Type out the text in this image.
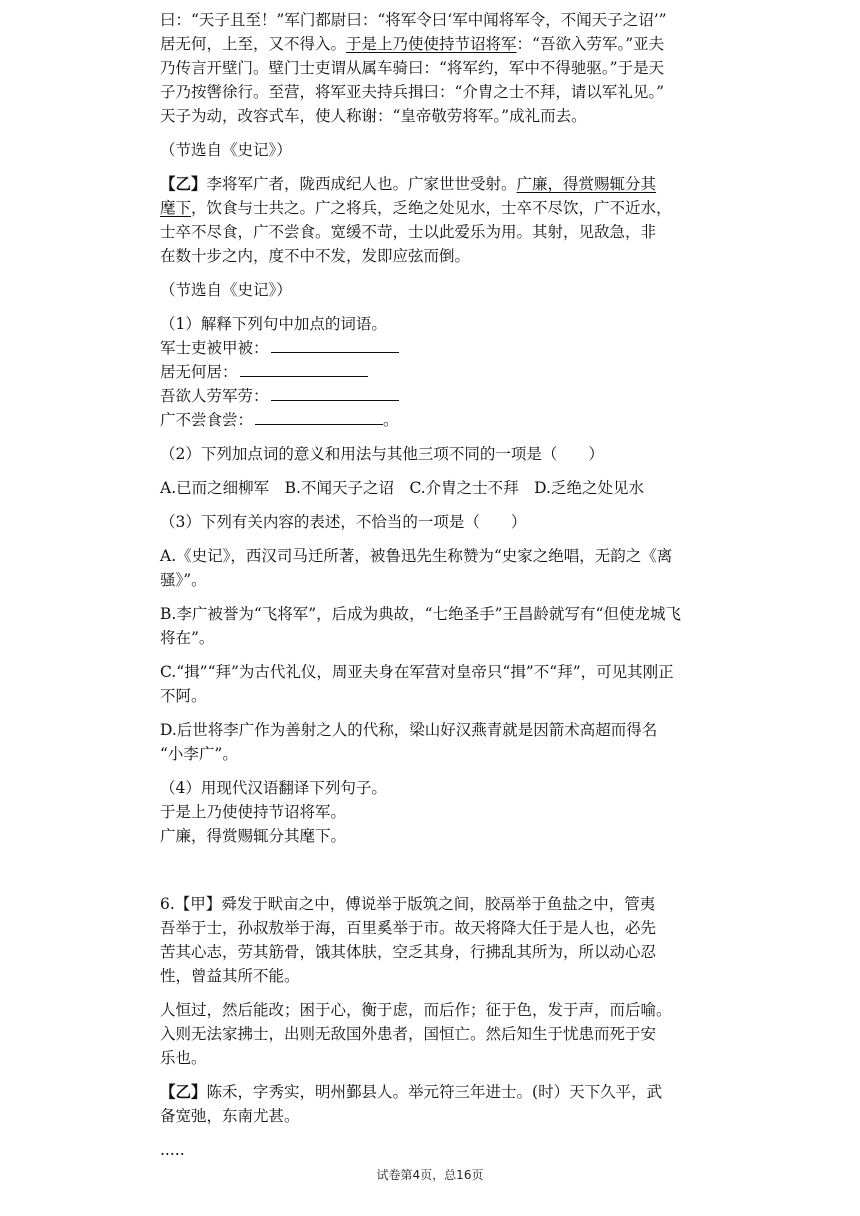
曰：“天子且至！”军门都尉曰：“将军令曰‘军中闻将军令，不闻天子之诏’”
居无何，上至，又不得入。于是上乃使使持节诏将军：“吾欲入劳军。”亚夫
乃传言开壁门。壁门士吏谓从属车骑曰：“将军约，军中不得驰驱。”于是天
子乃按辔徐行。至营，将军亚夫持兵揖曰：“介胄之士不拜，请以军礼见。”
天子为动，改容式车，使人称谢：“皇帝敬劳将军。”成礼而去。
（节选自《史记》）
【乙】李将军广者，陇西成纪人也。广家世世受射。广廉，得赏赐辄分其
麾下，饮食与士共之。广之将兵，乏绝之处见水，士卒不尽饮，广不近水，
士卒不尽食，广不尝食。宽缓不苛，士以此爱乐为用。其射，见敌急，非
在数十步之内，度不中不发，发即应弦而倒。
（节选自《史记》）
（1）解释下列句中加点的词语。
军士吏被甲被：
居无何居：
吾欲人劳军劳：
广不尝食尝：	。
（2）下列加点词的意义和用法与其他三项不同的一项是（　　）
A.已而之细柳军　B.不闻天子之诏　C.介胄之士不拜　D.乏绝之处见水
（3）下列有关内容的表述，不恰当的一项是（　　）
A.《史记》，西汉司马迁所著，被鲁迅先生称赞为“史家之绝唱，无韵之《离
骚》”。
B.李广被誉为“飞将军”，后成为典故，“七绝圣手”王昌龄就写有“但使龙城飞
将在”。
C.“揖”“拜”为古代礼仪，周亚夫身在军营对皇帝只“揖”不“拜”，可见其刚正
不阿。
D.后世将李广作为善射之人的代称，梁山好汉燕青就是因箭术高超而得名
“小李广”。
（4）用现代汉语翻译下列句子。
于是上乃使使持节诏将军。
广廉，得赏赐辄分其麾下。
6.【甲】舜发于畎亩之中，傅说举于版筑之间，胶鬲举于鱼盐之中，管夷
吾举于士，孙叔敖举于海，百里奚举于市。故天将降大任于是人也，必先
苦其心志，劳其筋骨，饿其体肤，空乏其身，行拂乱其所为，所以动心忍
性，曾益其所不能。
人恒过，然后能改；困于心，衡于虑，而后作；征于色，发于声，而后喻。
入则无法家拂士，出则无敌国外患者，国恒亡。然后知生于忧患而死于安
乐也。
【乙】陈禾，字秀实，明州鄞县人。举元符三年进士。(时）天下久平，武
备宽弛，东南尤甚。
.....
试卷第4页，总16页
